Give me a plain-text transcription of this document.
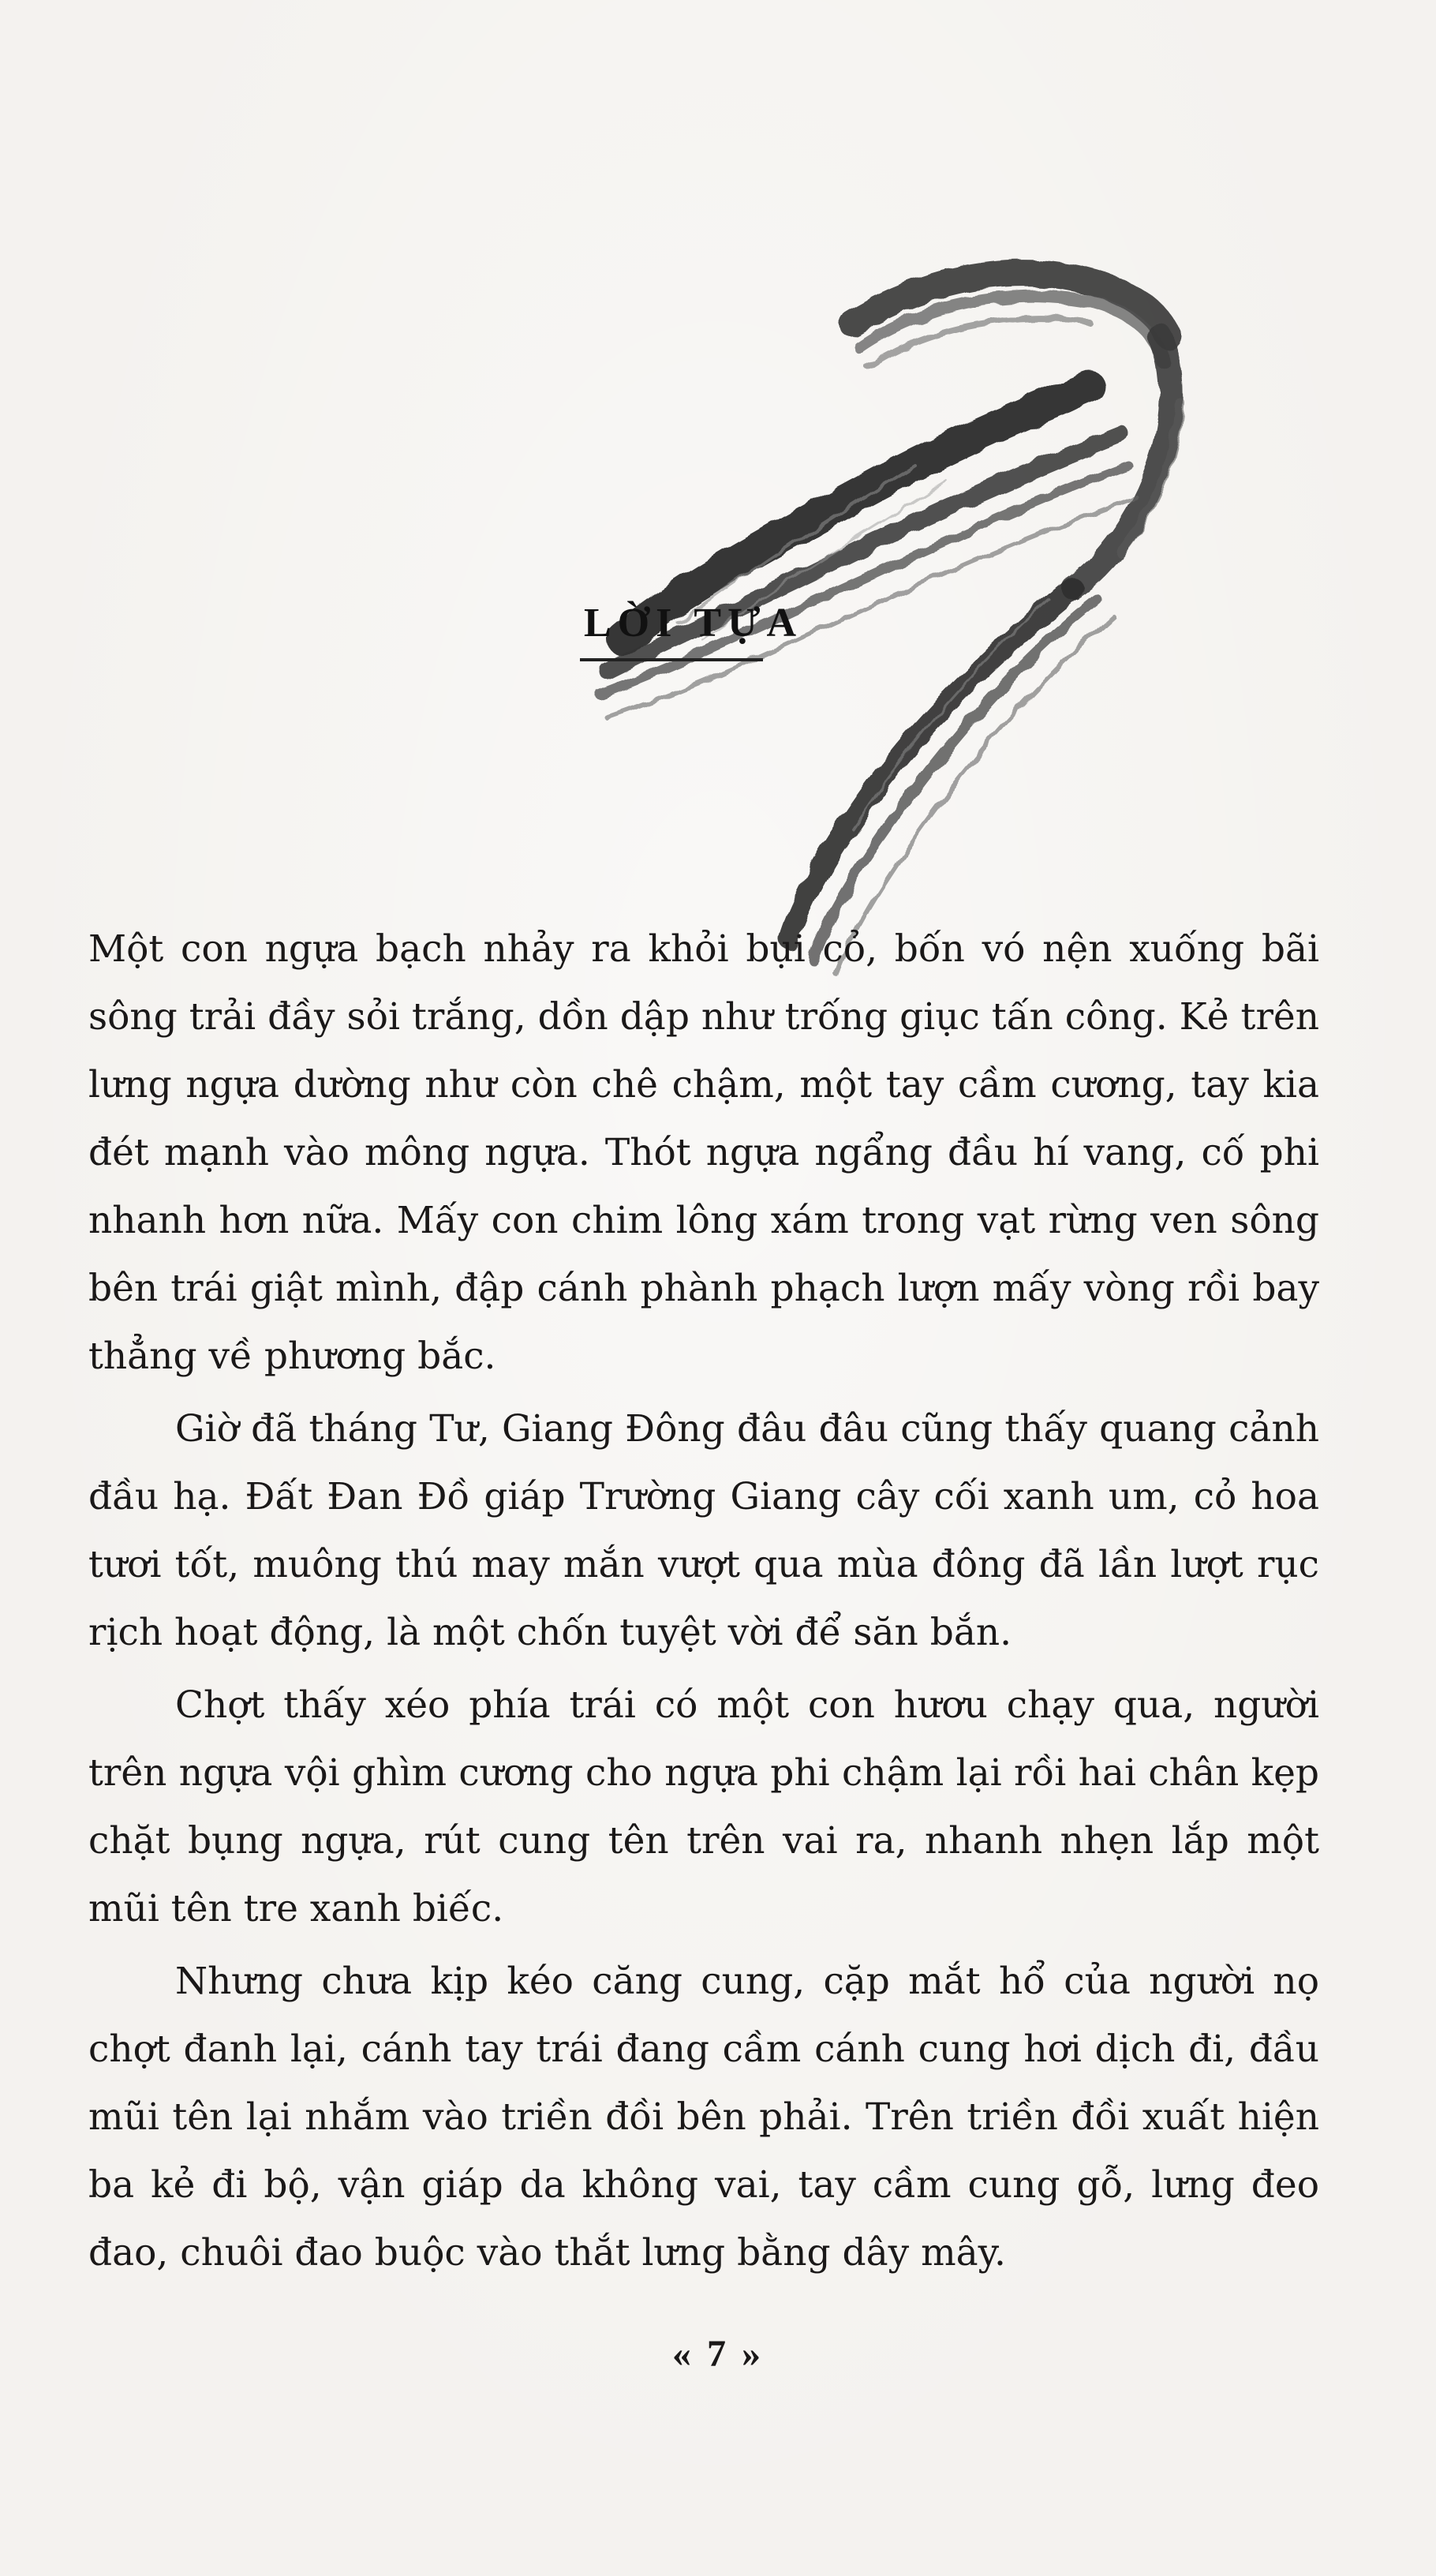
LỜI TỰA

Một con ngựa bạch nhảy ra khỏi bụi cỏ, bốn vó nện xuống bãi sông trải đầy sỏi trắng, dồn dập như trống giục tấn công. Kẻ trên lưng ngựa dường như còn chê chậm, một tay cầm cương, tay kia đét mạnh vào mông ngựa. Thót ngựa ngẩng đầu hí vang, cố phi nhanh hơn nữa. Mấy con chim lông xám trong vạt rừng ven sông bên trái giật mình, đập cánh phành phạch lượn mấy vòng rồi bay thẳng về phương bắc.

Giờ đã tháng Tư, Giang Đông đâu đâu cũng thấy quang cảnh đầu hạ. Đất Đan Đồ giáp Trường Giang cây cối xanh um, cỏ hoa tươi tốt, muông thú may mắn vượt qua mùa đông đã lần lượt rục rịch hoạt động, là một chốn tuyệt vời để săn bắn.

Chợt thấy xéo phía trái có một con hươu chạy qua, người trên ngựa vội ghìm cương cho ngựa phi chậm lại rồi hai chân kẹp chặt bụng ngựa, rút cung tên trên vai ra, nhanh nhẹn lắp một mũi tên tre xanh biếc.

Nhưng chưa kịp kéo căng cung, cặp mắt hổ của người nọ chợt đanh lại, cánh tay trái đang cầm cánh cung hơi dịch đi, đầu mũi tên lại nhắm vào triền đồi bên phải. Trên triền đồi xuất hiện ba kẻ đi bộ, vận giáp da không vai, tay cầm cung gỗ, lưng đeo đao, chuôi đao buộc vào thắt lưng bằng dây mây.

« 7 »
